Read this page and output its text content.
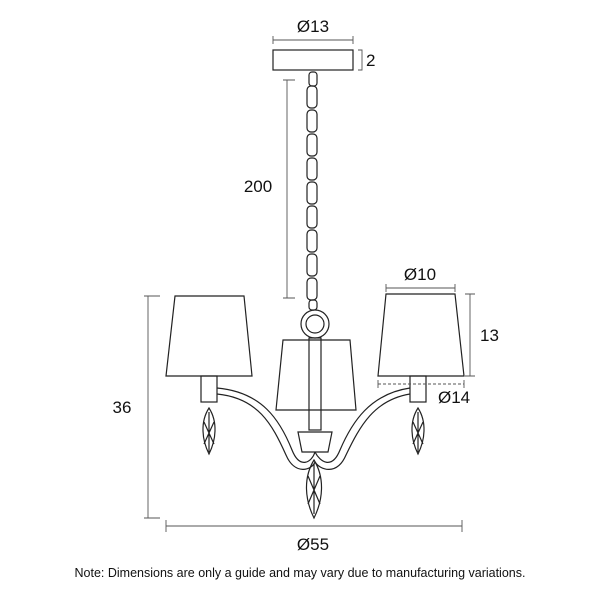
Ø13
2
200
Ø10
13
Ø14
36
Ø55
Note: Dimensions are only a guide and may vary due to manufacturing variations.
